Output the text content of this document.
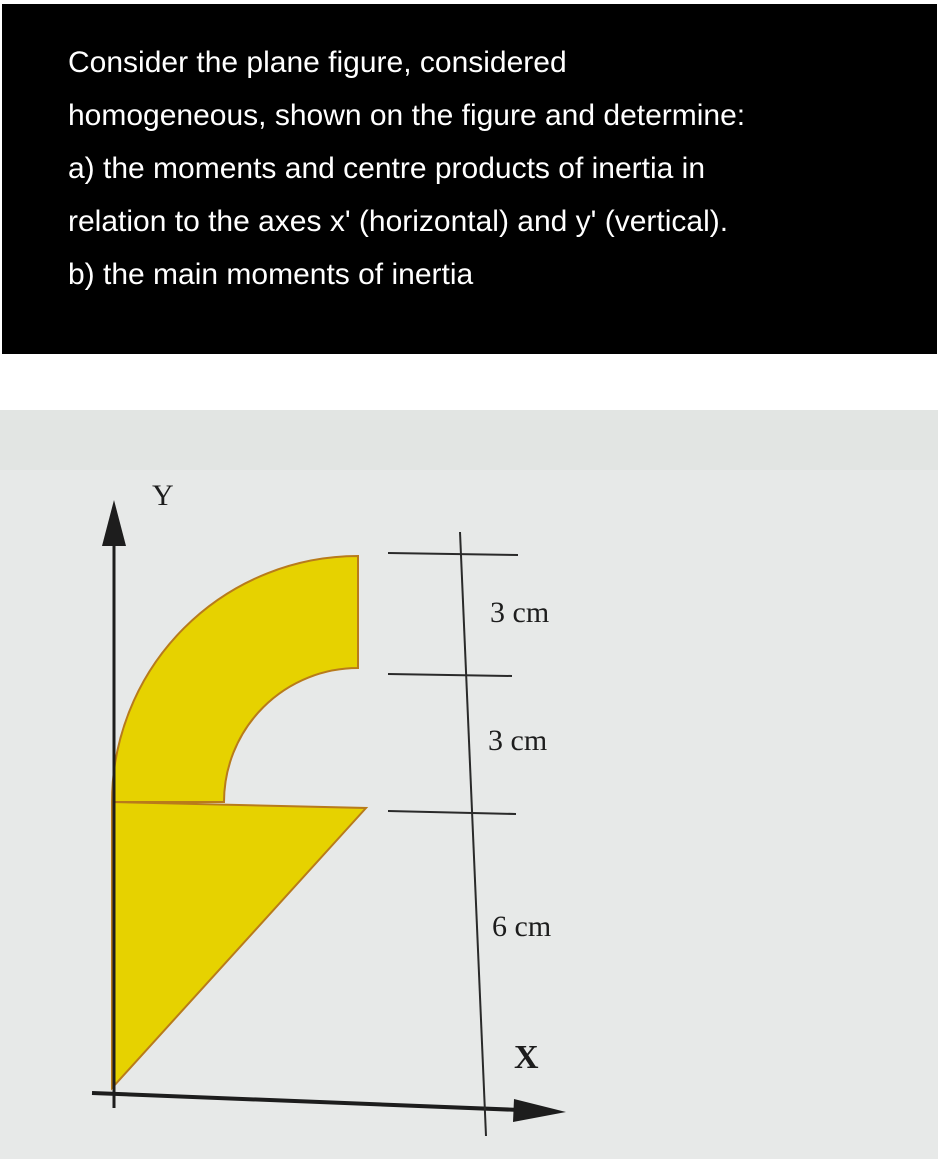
Consider the plane figure, considered
homogeneous, shown on the figure and determine:
a) the moments and centre products of inertia in
relation to the axes x' (horizontal) and y' (vertical).
b) the main moments of inertia
Y
X
3 cm
3 cm
6 cm
